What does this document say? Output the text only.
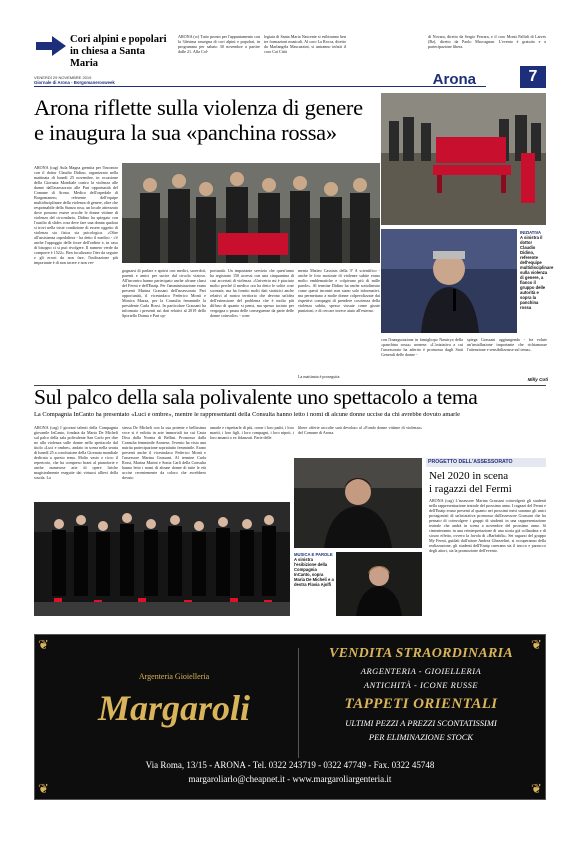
Cori alpini e popolari
in chiesa a Santa Maria
ARONA (cr) Tutto pronto per l'appuntamento con la 34esima rassegna di cori alpini e popolari, in programma per sabato 30 novembre a partire dalle 21. Alla Col-
legiata di Santa Maria Nascente si esibiranno ben tre formazioni musicali. Al coro La Rocca, diretto da Marlangela Mascazzini, si uniranno infatti il coro Cai Città
di Novara, diretto da Sergio Ferrara, e il coro Monti Pallidi di Laives (Bz), diretto da Paolo Maccagnan. L'evento è gratuito e a partecipazione libera.
VENERDÌ 29 NOVEMBRE 2019
Giornale di Arona - Borgomanerosweek	Arona	7
Arona riflette sulla violenza di genere
e inaugura la sua «panchina rossa»
ARONA (cag) Aula Magna gremita per l'incontro con il dottor Claudio Didino, organizzato nella mattinata di lunedì 25 novembre, in occasione della Giornata Mondiale contro la violenza alle donne dall'assessorato alle Pari opportunità del Comune di Arona. Medico dell'ospedale di Borgomanero, referente dell'equipe multidisciplinare della violenza di genere, oltre che responsabile della Stanza rosa, un locale attrezzato dove possono essere accolte le donne vittime di violenza del circondario, Didino ha spiegato con l'ausilio di slides cosa deve fare una donna qualora si trovi nella triste condizione di essere oggetto di violenza sia fisica sia psicologica. «Oltre all'assistenza ospedaliera - ha detto il medico - c'è anche l'appoggio delle forze dell'ordine e, in caso di bisogno ci si può rivolgere. Il numero verde da comporre è 1522». Ben focalizzato l'iter da seguire e gli errori da non fare, l'indicazione più importante è di non tacere e non ver-
gognarsi di parlare e aprirsi con medici, sacerdoti, parenti e amici per uscire dal circolo vizioso. All'incontro hanno partecipato anche alcune classi del Fermi e dell'Enaip. Per l'amministrazione erano presenti Marina Grassani dell'assessorato Pari opportunità, il vicesindaco Federico Monti e Monica Mazza, per la Consulta femminile la presidente Carla Rossi. In particolare Grassani ha informato i presenti sui dati relativi al 2019 dello Sportello Donna e Pari op-
portunità. Un importante servizio che quest'anno ha registrato 150 accessi con una cinquantina di casi accertati di violenza. «Univetrio mi è piaciuto molto perché il medico ora ha detto le solite cose scontate, ma ha fornito molti dati statistici anche relativi al nostro territorio che devono un'idea dell'estensione del problema che è molto più diffuso di quanto si pensi, ma spesso taciuto per vergogna o paura delle conseguenze da parte delle donne coinvolte» - com-
menta Matteo Cassinis della 3ª A scientifico - anche le foto mostrate di violenze subite erano molto emblematiche e colpivano più di mille parole». Al termine Didino ha anche sottolineato come questi incontri non siano solo informativi, ma permettano a molte donne colpevolizzate dai rispettivi compagni di prendere coscienza della violenza subita, spesso vissute come giuste punizioni, e di cercare invece aiuto all'esterno.
La mattinata è proseguita
INIZIATIVA
A sinistra il dottor Claudio Didino, referente dell'equipe multidisciplinare sulla violenza di genere, a fianco il gruppo delle autorità e sopra la panchina rossa
con l'inaugurazione in famigliopo Nassirya della «panchina rossa» aronese. «L'iniziativa a cui l'assessorato ha aderito è promossa dagli Stati Generali delle donne -
spiega Grassani aggiungendo - fra volute un'installazione importante che richiamasse l'attenzione e sensibilizzasse sul tema».
Milly Coti
Sul palco della sala polivalente uno spettacolo a tema
La Compagnia InCanto ha presentato «Luci e ombre», mentre le rappresentanti della Consulta hanno letto i nomi di alcune donne uccise da chi avrebbe dovuto amarle
ARONA (cag) I giovani talenti della Compagnia giovanile InCanto, fondata da Maria De Micheli sul palco della sala polivalente San Carlo per dire no alla violenza sulle donne nello spettacolo dal titolo «Luci e ombre», andato in scena nella serata di lunedì 25 a conclusione della Giornata mondiale dedicata a questo tema. Molto vasto e ricco il repertorio, che ha compreso brani al pianoforte e anche numerose arie di opere liriche magistralmente eseguite dai virtuosi allievi della scuola. La
stessa De Micheli con la sua potente e bellissima voce si è esibita in arie immortali tra cui Casta Diva dalla Norma di Bellini. Promosso dalla Consulta femminile Aronese, l'evento ha visto una nutrita partecipazione soprattutto femminile. Erano presenti anche il vicesindaco Federico Monti e l'assessore Marina Grassani. Al termine Carla Rossi, Marina Marini e Sonia Carli della Consulta hanno letto i nomi di alcune donne di tutte le età uccise recentemente da coloro che avrebbero dovuto
amarle e rispettarle di più, come i loro padri, i loro mariti, i loro figli, i loro compagni, i loro nipoti, i loro amanti o ex fidanzati. Parte delle
libere offerte raccolte sarà devoluto al «Fondo donne vittime di violenza» del Comune di Arona.
MUSICA E PAROLE
A sinistra l'esibizione della Compagnia InCanto, sopra Maria De Micheli e a destra Flavia Ajolfi
PROGETTO DELL'ASSESSORATO
Nel 2020 in scena
i ragazzi del Fermi
ARONA (cag) L'assessore Marina Grassani coinvolgerà gli studenti nella rappresentazione teatrale del prossimo anno. I ragazzi del Fermi e dell'Enaip erano presenti al quanto nei prossimi mesi saranno gli unici protagonisti di un'iniziativa promossa dall'assessore Grassani che ha pensato di coinvolgere i gruppi di studenti in una rappresentazione teatrale che andrà in scena a novembre del prossimo anno. Si cimenteranno in una reinterpretazione di una storia già collaudata e di sicuro effetto, ovvero la favola di «Barbablù». Sei ragazzi del gruppo My Fermi, guidati dall'attore Andrea Ghezzelini, si occuperanno della realizzazione, gli studenti dell'Enaip curerann sia il trucco e parrucco degli attori, sia la promozione dell'evento.
❦	❦
❦	❦
Argenteria Gioielleria
Margaroli
VENDITA STRAORDINARIA
ARGENTERIA - GIOIELLERIA
ANTICHITÀ - ICONE RUSSE
TAPPETI ORIENTALI
ULTIMI PEZZI A PREZZI SCONTATISSIMI
PER ELIMINAZIONE STOCK
Via Roma, 13/15 - ARONA - Tel. 0322 243719 - 0322 47749 - Fax. 0322 45748
margaroliarlo@cheapnet.it - www.margaroliargenteria.it
